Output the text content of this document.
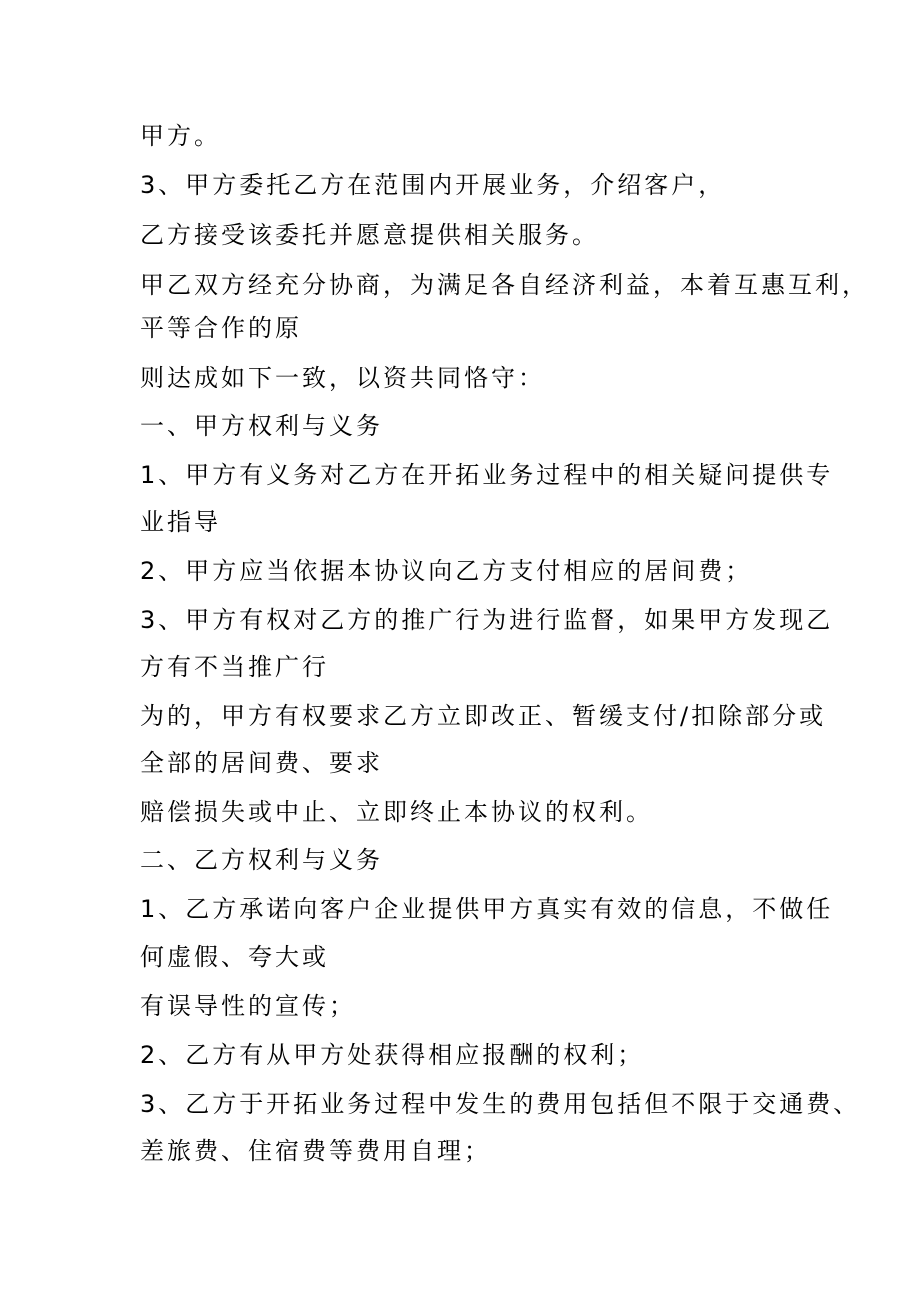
甲方。

3、甲方委托乙方在范围内开展业务，介绍客户，

乙方接受该委托并愿意提供相关服务。

甲乙双方经充分协商，为满足各自经济利益，本着互惠互利，

平等合作的原

则达成如下一致，以资共同恪守：

一、甲方权利与义务

1、甲方有义务对乙方在开拓业务过程中的相关疑问提供专

业指导

2、甲方应当依据本协议向乙方支付相应的居间费；

3、甲方有权对乙方的推广行为进行监督，如果甲方发现乙

方有不当推广行

为的，甲方有权要求乙方立即改正、暂缓支付/扣除部分或

全部的居间费、要求

赔偿损失或中止、立即终止本协议的权利。

二、乙方权利与义务

1、乙方承诺向客户企业提供甲方真实有效的信息，不做任

何虚假、夸大或

有误导性的宣传；

2、乙方有从甲方处获得相应报酬的权利；

3、乙方于开拓业务过程中发生的费用包括但不限于交通费、

差旅费、住宿费等费用自理；
